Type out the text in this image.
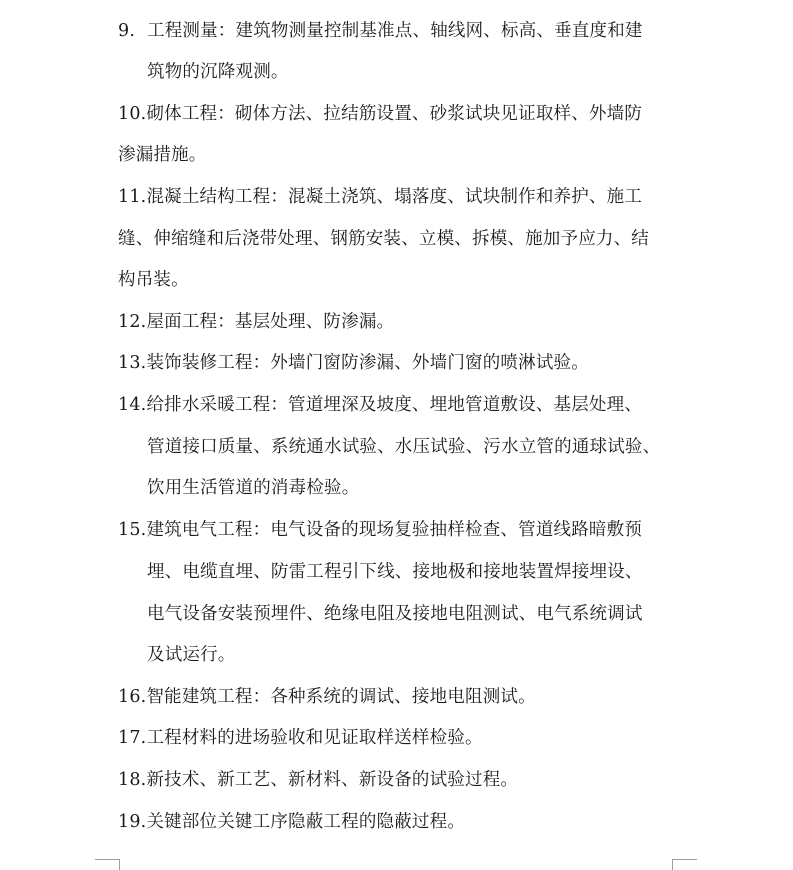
9. 工程测量：建筑物测量控制基准点、轴线网、标高、垂直度和建
筑物的沉降观测。
10.砌体工程：砌体方法、拉结筋设置、砂浆试块见证取样、外墙防
渗漏措施。
11.混凝土结构工程：混凝土浇筑、塌落度、试块制作和养护、施工
缝、伸缩缝和后浇带处理、钢筋安装、立模、拆模、施加予应力、结
构吊装。
12.屋面工程：基层处理、防渗漏。
13.装饰装修工程：外墙门窗防渗漏、外墙门窗的喷淋试验。
14.给排水采暖工程：管道埋深及坡度、埋地管道敷设、基层处理、
管道接口质量、系统通水试验、水压试验、污水立管的通球试验、
饮用生活管道的消毒检验。
15.建筑电气工程：电气设备的现场复验抽样检查、管道线路暗敷预
埋、电缆直埋、防雷工程引下线、接地极和接地装置焊接埋设、
电气设备安装预埋件、绝缘电阻及接地电阻测试、电气系统调试
及试运行。
16.智能建筑工程：各种系统的调试、接地电阻测试。
17.工程材料的进场验收和见证取样送样检验。
18.新技术、新工艺、新材料、新设备的试验过程。
19.关键部位关键工序隐蔽工程的隐蔽过程。
